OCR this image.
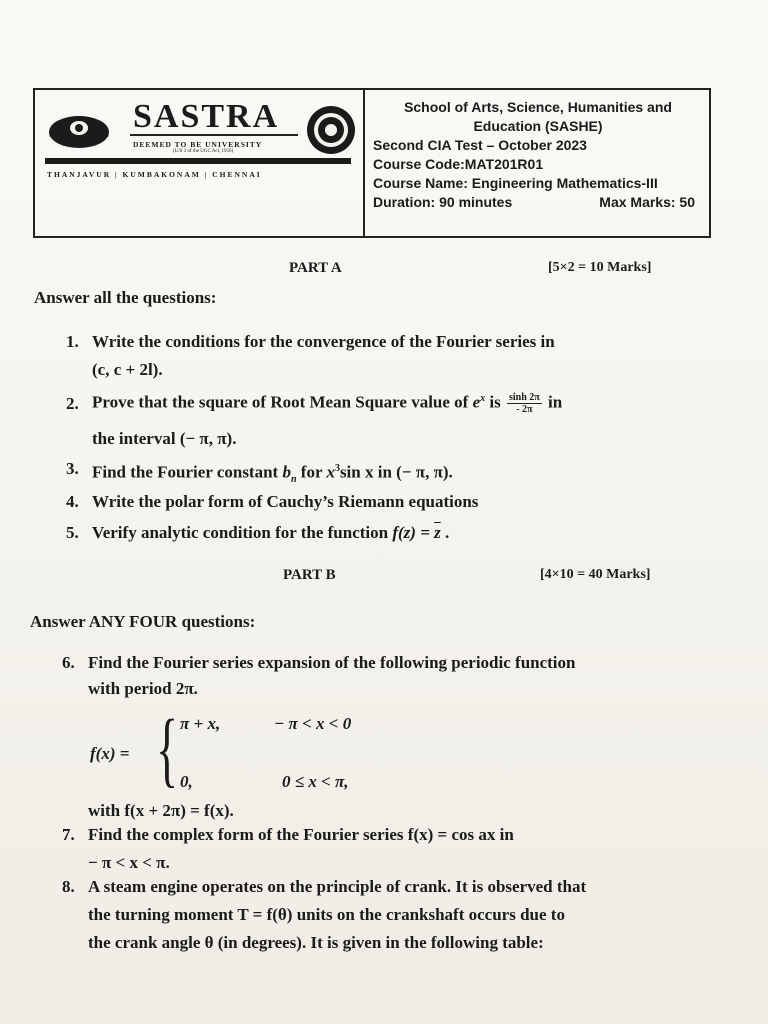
SASTRA
DEEMED TO BE UNIVERSITY
(U/S 3 of the UGC Act, 1956)
THANJAVUR | KUMBAKONAM | CHENNAI
School of Arts, Science, Humanities and
Education (SASHE)
Second CIA Test – October 2023
Course Code:MAT201R01
Course Name: Engineering Mathematics-III
Duration: 90 minutes	Max Marks: 50
PART A	[5×2 = 10 Marks]
Answer all the questions:
1. Write the conditions for the convergence of the Fourier series in
(c, c + 2l).
2. Prove that the square of Root Mean Square value of $e^x$ is $\frac{\sinh 2\pi}{- 2\pi}$ in
the interval (− π, π).
3. Find the Fourier constant $b_n$ for $x^3\sin$ x in (− π, π).
4. Write the polar form of Cauchy’s Riemann equations
5. Verify analytic condition for the function $f(z) = \overline{z}$ .
PART B	[4×10 = 40 Marks]
Answer ANY FOUR questions:
6. Find the Fourier series expansion of the following periodic function
with period 2π.
f(x) = { π + x,	− π < x < 0
0,	0 ≤ x < π,
with f(x + 2π) = f(x).
7. Find the complex form of the Fourier series f(x) = cos ax in
− π < x < π.
8. A steam engine operates on the principle of crank. It is observed that
the turning moment T = f(θ) units on the crankshaft occurs due to
the crank angle θ (in degrees). It is given in the following table:
